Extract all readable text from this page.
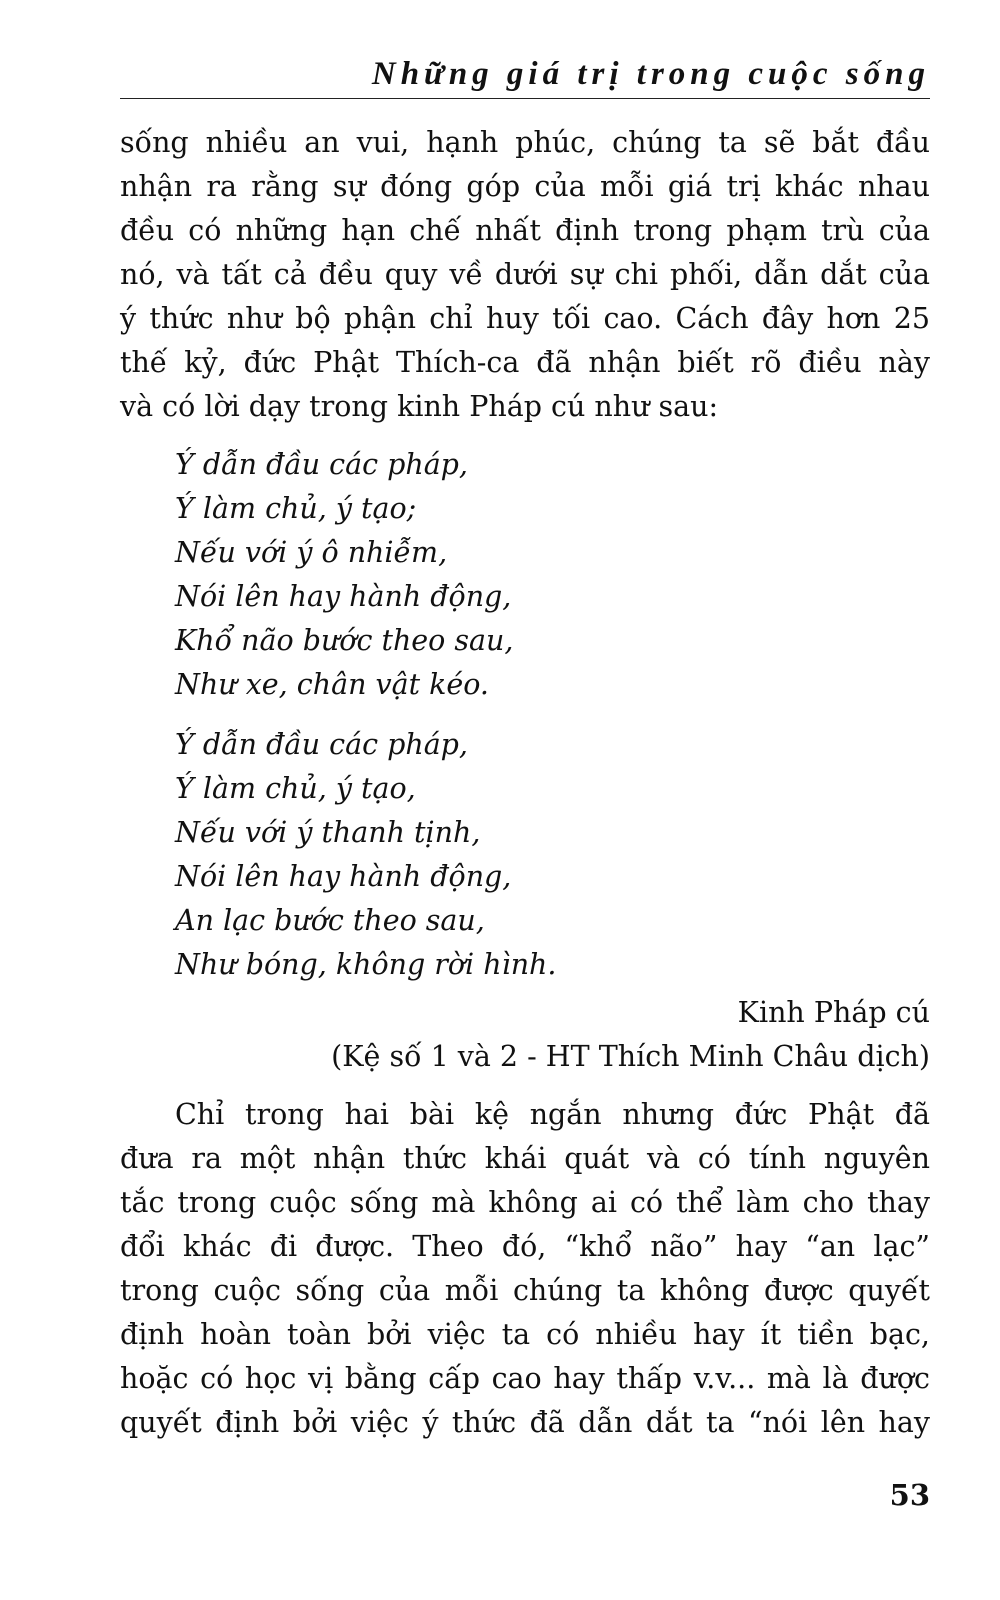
Những giá trị trong cuộc sống

sống nhiều an vui, hạnh phúc, chúng ta sẽ bắt đầu
nhận ra rằng sự đóng góp của mỗi giá trị khác nhau
đều có những hạn chế nhất định trong phạm trù của
nó, và tất cả đều quy về dưới sự chi phối, dẫn dắt của
ý thức như bộ phận chỉ huy tối cao. Cách đây hơn 25
thế kỷ, đức Phật Thích-ca đã nhận biết rõ điều này
và có lời dạy trong kinh Pháp cú như sau:

Ý dẫn đầu các pháp,
Ý làm chủ, ý tạo;
Nếu với ý ô nhiễm,
Nói lên hay hành động,
Khổ não bước theo sau,
Như xe, chân vật kéo.
Ý dẫn đầu các pháp,
Ý làm chủ, ý tạo,
Nếu với ý thanh tịnh,
Nói lên hay hành động,
An lạc bước theo sau,
Như bóng, không rời hình.
Kinh Pháp cú
(Kệ số 1 và 2 - HT Thích Minh Châu dịch)

Chỉ trong hai bài kệ ngắn nhưng đức Phật đã
đưa ra một nhận thức khái quát và có tính nguyên
tắc trong cuộc sống mà không ai có thể làm cho thay
đổi khác đi được. Theo đó, “khổ não” hay “an lạc”
trong cuộc sống của mỗi chúng ta không được quyết
định hoàn toàn bởi việc ta có nhiều hay ít tiền bạc,
hoặc có học vị bằng cấp cao hay thấp v.v... mà là được
quyết định bởi việc ý thức đã dẫn dắt ta “nói lên hay

53
